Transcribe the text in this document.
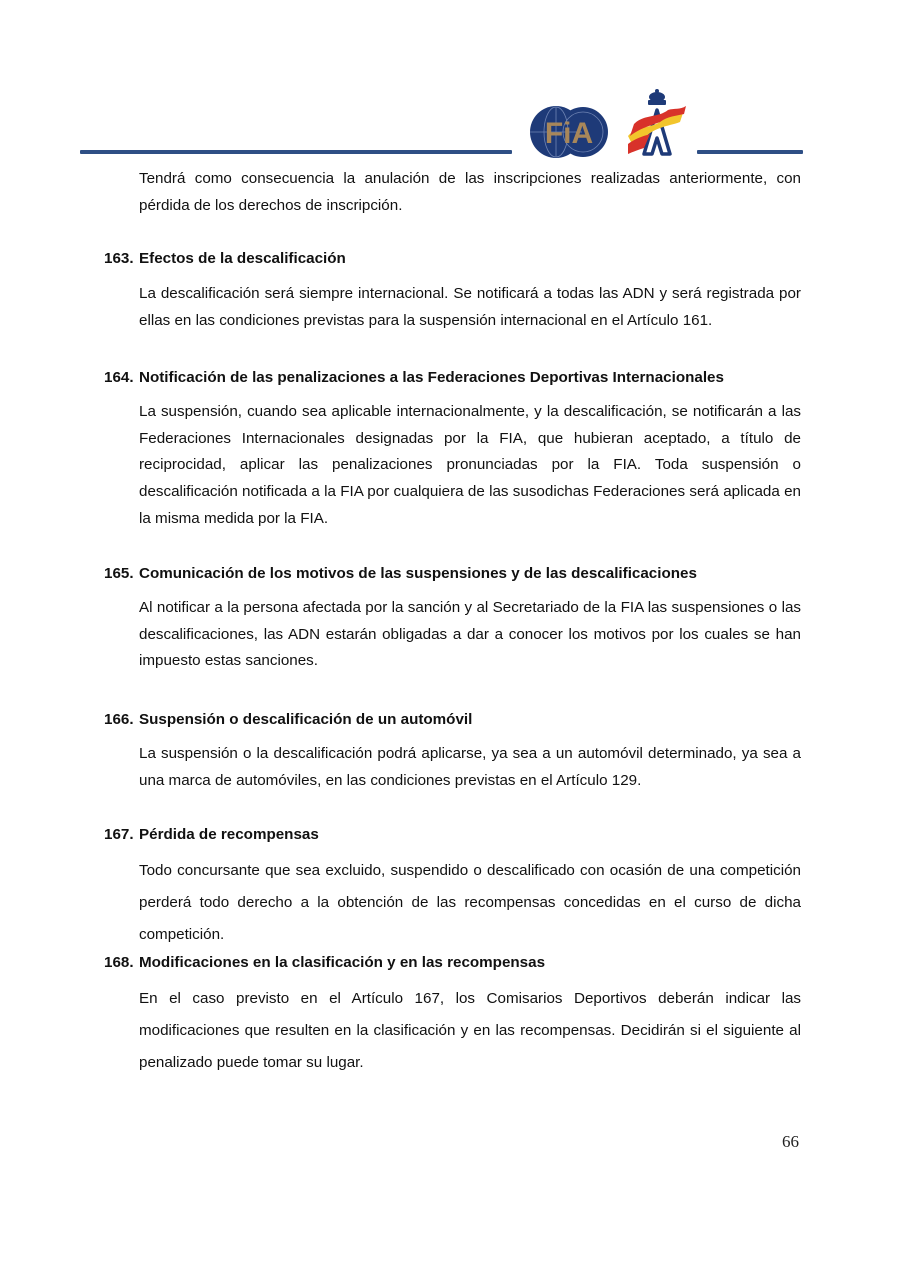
FiA
Tendrá como consecuencia la anulación de las inscripciones realizadas anteriormente, con
pérdida de los derechos de inscripción.
163. Efectos de la descalificación
La descalificación será siempre internacional. Se notificará a todas las ADN y será registrada por ellas en las condiciones previstas para la suspensión internacional en el Artículo 161.
164. Notificación de las penalizaciones a las Federaciones Deportivas Internacionales
La suspensión, cuando sea aplicable internacionalmente, y la descalificación, se notificarán a las Federaciones Internacionales designadas por la FIA, que hubieran aceptado, a título de reciprocidad, aplicar las penalizaciones pronunciadas por la FIA. Toda suspensión o descalificación notificada a la FIA por cualquiera de las susodichas Federaciones será aplicada en la misma medida por la FIA.
165. Comunicación de los motivos de las suspensiones y de las descalificaciones
Al notificar a la persona afectada por la sanción y al Secretariado de la FIA las suspensiones o las descalificaciones, las ADN estarán obligadas a dar a conocer los motivos por los cuales se han impuesto estas sanciones.
166. Suspensión o descalificación de un automóvil
La suspensión o la descalificación podrá aplicarse, ya sea a un automóvil determinado, ya sea a una marca de automóviles, en las condiciones previstas en el Artículo 129.
167. Pérdida de recompensas
Todo concursante que sea excluido, suspendido o descalificado con ocasión de una competición perderá todo derecho a la obtención de las recompensas concedidas en el curso de dicha competición.
168. Modificaciones en la clasificación y en las recompensas
En el caso previsto en el Artículo 167, los Comisarios Deportivos deberán indicar las modificaciones que resulten en la clasificación y en las recompensas. Decidirán si el siguiente al penalizado puede tomar su lugar.
66
